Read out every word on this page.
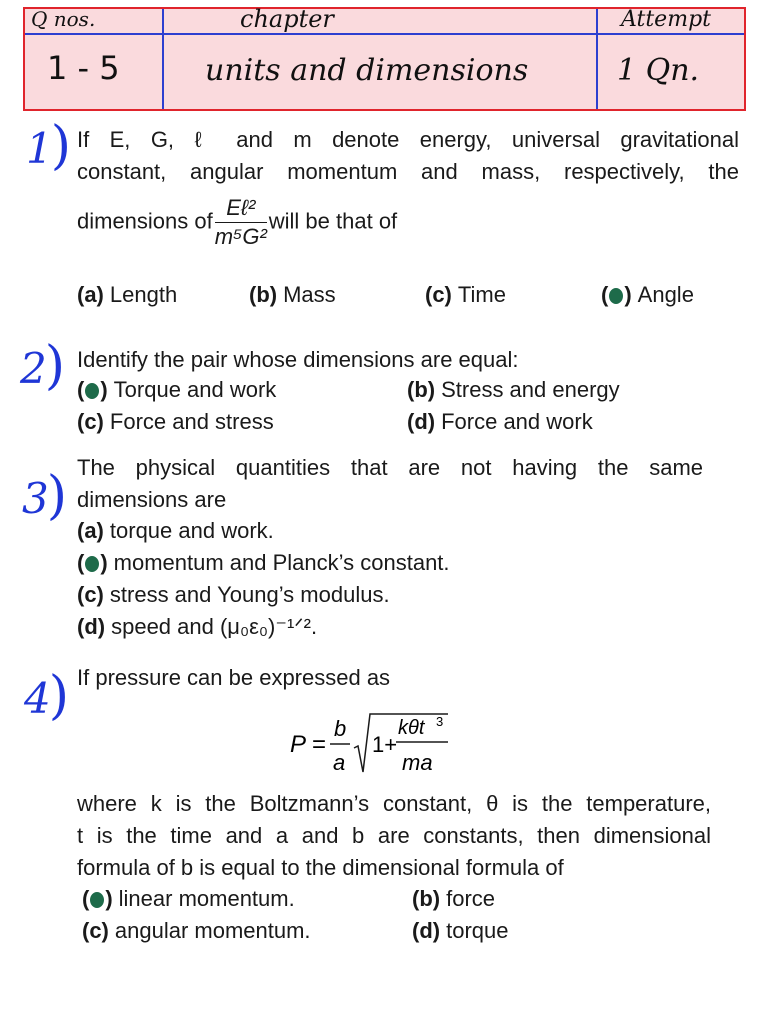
Q nos.	chapter	Attempt
1 - 5	units and dimensions	1 Qn.
1) If E, G, ℓ and m denote energy, universal gravitational

constant, angular momentum and mass, respectively, the

dimensions of $\frac{\text{Eℓ²}}{\text{m⁵G²}}$ will be that of
(a) Length	(b) Mass	(c) Time	( ) Angle
2) Identify the pair whose dimensions are equal:

( ) Torque and work	(b) Stress and energy
(c) Force and stress	(d) Force and work
3) The physical quantities that are not having the same

dimensions are

(a) torque and work.
( ) momentum and Planck’s constant.
(c) stress and Young’s modulus.
(d) speed and (μ₀ε₀)⁻¹ᐟ².
4) If pressure can be expressed as

P =
b
a
1+
kθt 3
ma

where k is the Boltzmann’s constant, θ is the temperature,

t is the time and a and b are constants, then dimensional

formula of b is equal to the dimensional formula of

( ) linear momentum.	(b) force
(c) angular momentum.	(d) torque
